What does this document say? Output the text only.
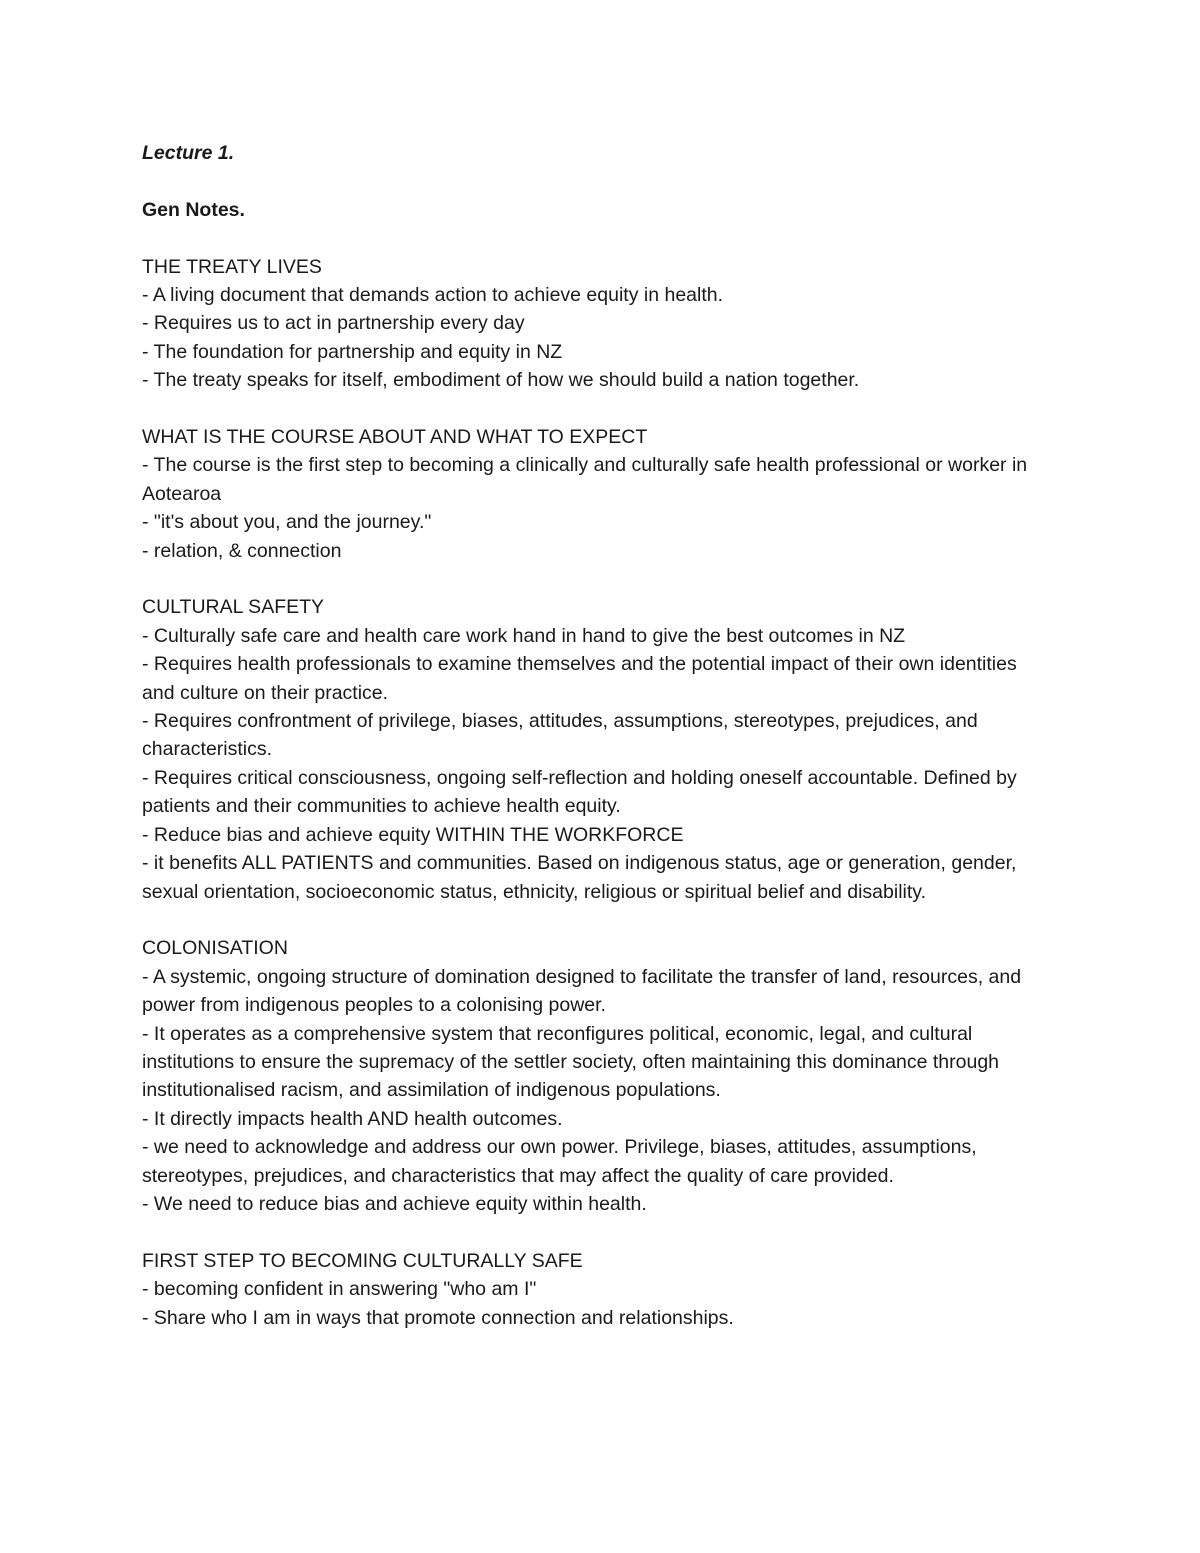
Lecture 1.

Gen Notes.

THE TREATY LIVES

- A living document that demands action to achieve equity in health.

- Requires us to act in partnership every day

- The foundation for partnership and equity in NZ

- The treaty speaks for itself, embodiment of how we should build a nation together.

WHAT IS THE COURSE ABOUT AND WHAT TO EXPECT

- The course is the first step to becoming a clinically and culturally safe health professional or worker in Aotearoa

- "it's about you, and the journey."

- relation, & connection

CULTURAL SAFETY

- Culturally safe care and health care work hand in hand to give the best outcomes in NZ

- Requires health professionals to examine themselves and the potential impact of their own identities and culture on their practice.

- Requires confrontment of privilege, biases, attitudes, assumptions, stereotypes, prejudices, and characteristics.

- Requires critical consciousness, ongoing self-reflection and holding oneself accountable. Defined by patients and their communities to achieve health equity.

- Reduce bias and achieve equity WITHIN THE WORKFORCE

- it benefits ALL PATIENTS and communities. Based on indigenous status, age or generation, gender, sexual orientation, socioeconomic status, ethnicity, religious or spiritual belief and disability.

COLONISATION

- A systemic, ongoing structure of domination designed to facilitate the transfer of land, resources, and power from indigenous peoples to a colonising power.

- It operates as a comprehensive system that reconfigures political, economic, legal, and cultural institutions to ensure the supremacy of the settler society, often maintaining this dominance through institutionalised racism, and assimilation of indigenous populations.

- It directly impacts health AND health outcomes.

- we need to acknowledge and address our own power. Privilege, biases, attitudes, assumptions, stereotypes, prejudices, and characteristics that may affect the quality of care provided.

- We need to reduce bias and achieve equity within health.

FIRST STEP TO BECOMING CULTURALLY SAFE

- becoming confident in answering "who am I"

- Share who I am in ways that promote connection and relationships.
